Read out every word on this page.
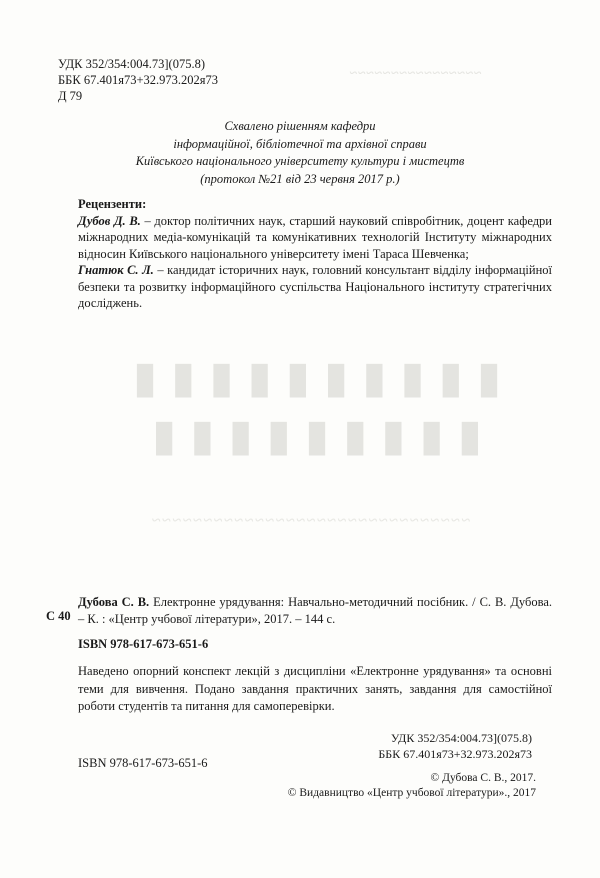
~~~~~~~~~~~~~~~~
▮▮▮▮▮▮▮▮▮▮
▮▮▮▮▮▮▮▮▮
~~~~~~~~~~~~~~~~~~~~~~~~~~~~~~~
УДК 352/354:004.73](075.8)
ББК 67.401я73+32.973.202я73
Д 79
Схвалено рішенням кафедри
інформаційної, бібліотечної та архівної справи
Київського національного університету культури і мистецтв
(протокол №21 від 23 червня 2017 р.)
Рецензенти:

Дубов Д. В. – доктор політичних наук, старший науковий співробітник, доцент кафедри міжнародних медіа-комунікацій та комунікативних технологій Інституту міжнародних відносин Київського національного університету імені Тараса Шевченка;

Гнатюк С. Л. – кандидат історичних наук, головний консультант відділу інформаційної безпеки та розвитку інформаційного суспільства Національного інституту стратегічних досліджень.

С 40

Дубова С. В. Електронне урядування: Навчально-методичний посібник. / С. В. Дубова. – К. : «Центр учбової літератури», 2017. – 144 с.

ISBN 978-617-673-651-6
Наведено опорний конспект лекцій з дисципліни «Електронне урядування» та основні теми для вивчення. Подано завдання практичних занять, завдання для самостійної роботи студентів та питання для самоперевірки.
УДК 352/354:004.73](075.8)
ББК 67.401я73+32.973.202я73
ISBN 978-617-673-651-6
© Дубова С. В., 2017.
© Видавництво «Центр учбової літератури»., 2017
